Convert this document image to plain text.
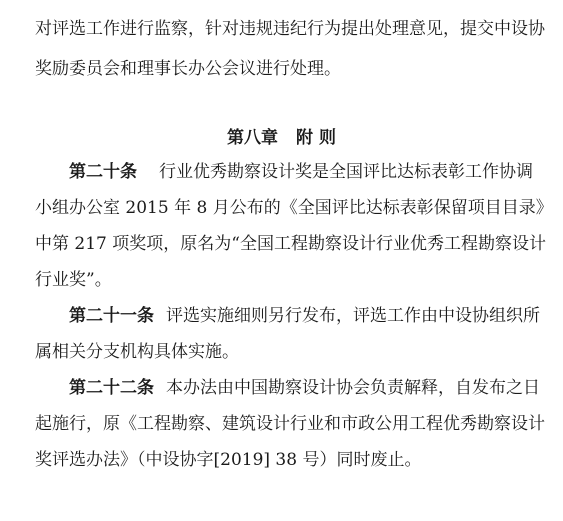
对评选工作进行监察，针对违规违纪行为提出处理意见，提交中设协
奖励委员会和理事长办公会议进行处理。
第八章 附 则
第二十条 行业优秀勘察设计奖是全国评比达标表彰工作协调
小组办公室 2015 年 8 月公布的《全国评比达标表彰保留项目目录》
中第 217 项奖项，原名为“全国工程勘察设计行业优秀工程勘察设计
行业奖”。
第二十一条 评选实施细则另行发布，评选工作由中设协组织所
属相关分支机构具体实施。
第二十二条 本办法由中国勘察设计协会负责解释，自发布之日
起施行，原《工程勘察、建筑设计行业和市政公用工程优秀勘察设计
奖评选办法》（中设协字[2019] 38 号）同时废止。
